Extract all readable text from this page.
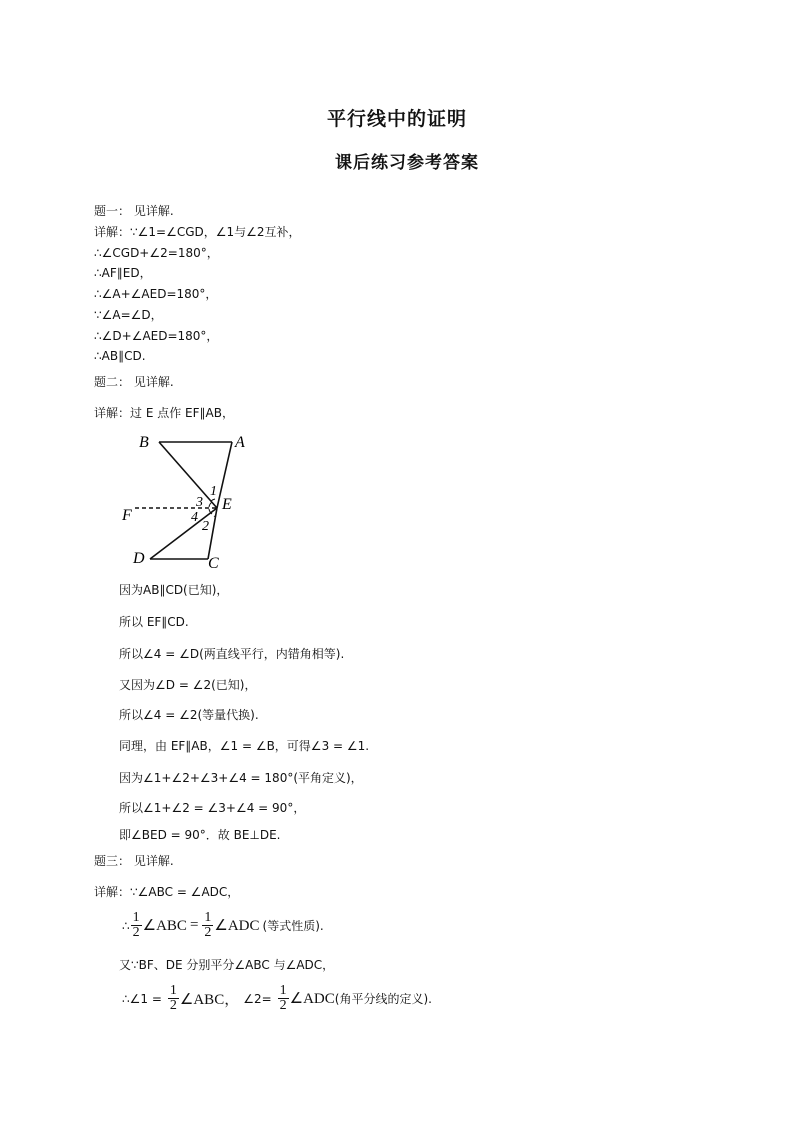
平行线中的证明
课后练习参考答案
题一： 见详解.
详解：∵∠1=∠CGD，∠1与∠2互补，
∴∠CGD+∠2=180°，
∴AF∥ED，
∴∠A+∠AED=180°，
∵∠A=∠D，
∴∠D+∠AED=180°，
∴AB∥CD.
题二： 见详解.
详解：过 E 点作 EF∥AB，
B	A
F
E
D	C
1
3
4
2
因为AB∥CD(已知)，
所以 EF∥CD.
所以∠4 = ∠D(两直线平行，内错角相等).
又因为∠D = ∠2(已知)，
所以∠4 = ∠2(等量代换).
同理，由 EF∥AB，∠1 = ∠B，可得∠3 = ∠1.
因为∠1+∠2+∠3+∠4 = 180°(平角定义)，
所以∠1+∠2 = ∠3+∠4 = 90°，
即∠BED = 90°．故 BE⊥DE.
题三： 见详解.
详解：∵∠ABC = ∠ADC，
∴ $\frac{1}{2}$ ∠ABC = $\frac{1}{2}$ ∠ADC (等式性质).
又∵BF、DE 分别平分∠ABC 与∠ADC，
∴∠1 = $\frac{1}{2}$ ∠ABC， ∠2= $\frac{1}{2}$ ∠ADC (角平分线的定义).
